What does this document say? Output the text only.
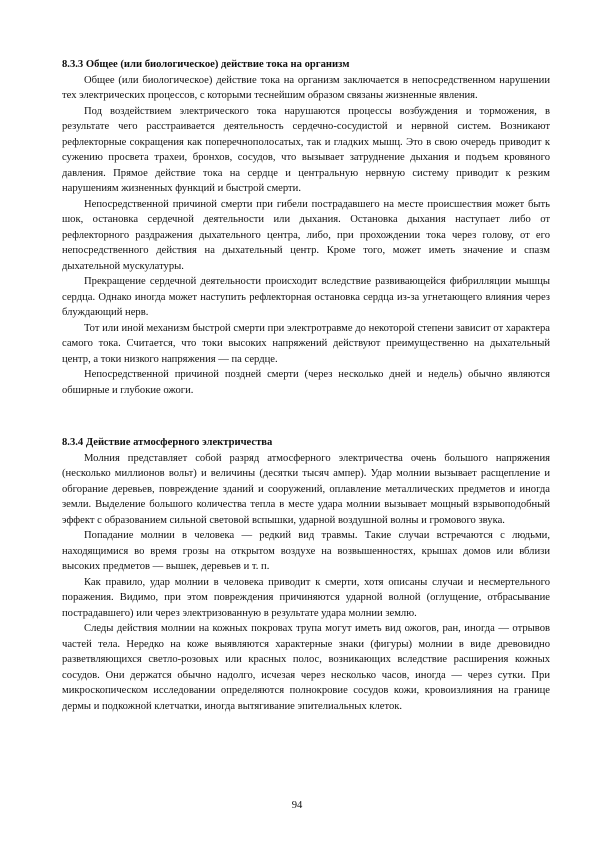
8.3.3 Общее (или биологическое) действие тока на организм

Общее (или биологическое) действие тока на организм заключается в непосредственном нарушении тех электрических процессов, с которыми теснейшим образом связаны жизненные явления.

Под воздействием электрического тока нарушаются процессы возбуждения и торможения, в результате чего расстраивается деятельность сердечно-сосудистой и нервной систем. Возникают рефлекторные сокращения как поперечнополосатых, так и гладких мышц. Это в свою очередь приводит к сужению просвета трахеи, бронхов, сосудов, что вызывает затруднение дыхания и подъем кровяного давления. Прямое действие тока на сердце и центральную нервную систему приводит к резким нарушениям жизненных функций и быстрой смерти.

Непосредственной причиной смерти при гибели пострадавшего на месте происшествия может быть шок, остановка сердечной деятельности или дыхания. Остановка дыхания наступает либо от рефлекторного раздражения дыхательного центра, либо, при прохождении тока через голову, от его непосредственного действия на дыхательный центр. Кроме того, может иметь значение и спазм дыхательной мускулатуры.

Прекращение сердечной деятельности происходит вследствие развивающейся фибрилляции мышцы сердца. Однако иногда может наступить рефлекторная остановка сердца из-за угнетающего влияния через блуждающий нерв.

Тот или иной механизм быстрой смерти при электротравме до некоторой степени зависит от характера самого тока. Считается, что токи высоких напряжений действуют преимущественно на дыхательный центр, а токи низкого напряжения — па сердце.

Непосредственной причиной поздней смерти (через несколько дней и недель) обычно являются обширные и глубокие ожоги.

8.3.4 Действие атмосферного электричества

Молния представляет собой разряд атмосферного электричества очень большого напряжения (несколько миллионов вольт) и величины (десятки тысяч ампер). Удар молнии вызывает расщепление и обгорание деревьев, повреждение зданий и сооружений, оплавление металлических предметов и иногда земли. Выделение большого количества тепла в месте удара молнии вызывает мощный взрывоподобный эффект с образованием сильной световой вспышки, ударной воздушной волны и громового звука.

Попадание молнии в человека — редкий вид травмы. Такие случаи встречаются с людьми, находящимися во время грозы на открытом воздухе на возвышенностях, крышах домов или вблизи высоких предметов — вышек, деревьев и т. п.

Как правило, удар молнии в человека приводит к смерти, хотя описаны случаи и несмертельного поражения. Видимо, при этом повреждения причиняются ударной волной (оглущение, отбрасывание пострадавшего) или через электризованную в результате удара молнии землю.

Следы действия молнии на кожных покровах трупа могут иметь вид ожогов, ран, иногда — отрывов частей тела. Нередко на коже выявляются характерные знаки (фигуры) молнии в виде древовидно разветвляющихся светло-розовых или красных полос, возникающих вследствие расширения кожных сосудов. Они держатся обычно надолго, исчезая через несколько часов, иногда — через сутки. При микроскопическом исследовании определяются полнокровие сосудов кожи, кровоизлияния на границе дермы и подкожной клетчатки, иногда вытягивание эпителиальных клеток.

94
